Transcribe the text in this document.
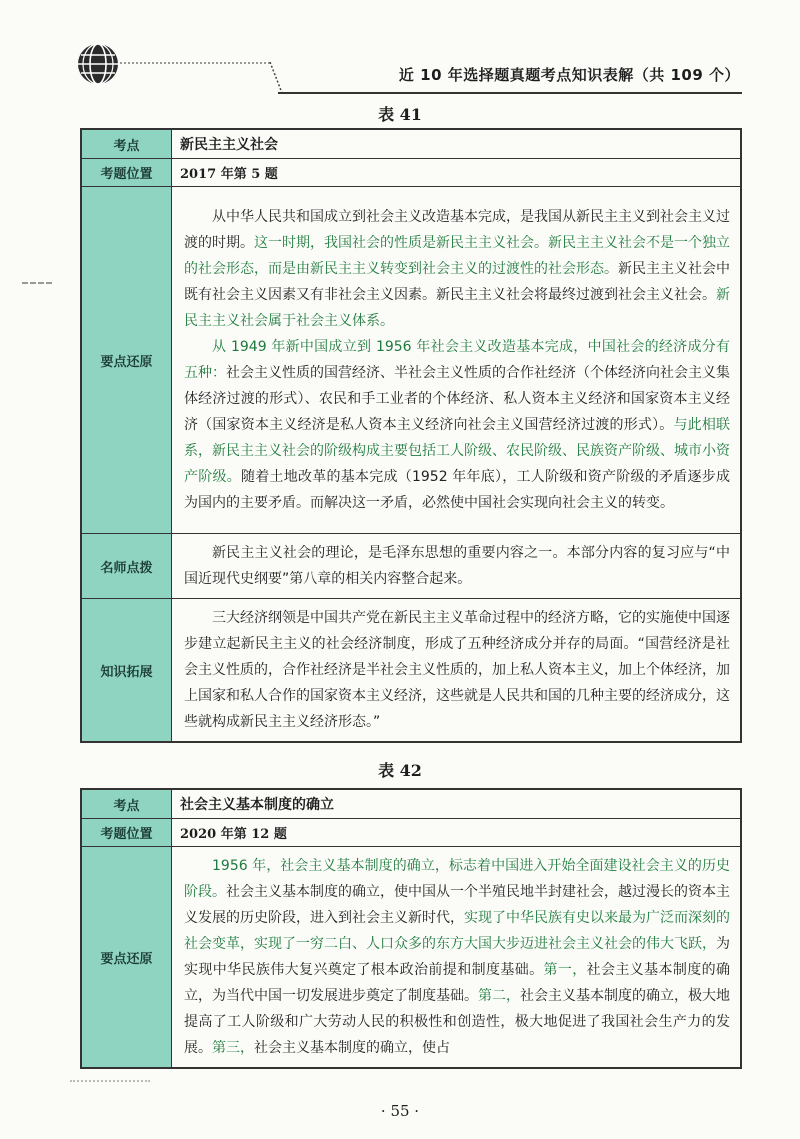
近 10 年选择题真题考点知识表解（共 109 个）
表 41
考点	新民主主义社会
考题位置	2017 年第 5 题
要点还原	从中华人民共和国成立到社会主义改造基本完成，是我国从新民主主义到社会主义过渡的时期。这一时期，我国社会的性质是新民主主义社会。新民主主义社会不是一个独立的社会形态，而是由新民主主义转变到社会主义的过渡性的社会形态。新民主主义社会中既有社会主义因素又有非社会主义因素。新民主主义社会将最终过渡到社会主义社会。新民主主义社会属于社会主义体系。

从 1949 年新中国成立到 1956 年社会主义改造基本完成，中国社会的经济成分有五种：社会主义性质的国营经济、半社会主义性质的合作社经济（个体经济向社会主义集体经济过渡的形式）、农民和手工业者的个体经济、私人资本主义经济和国家资本主义经济（国家资本主义经济是私人资本主义经济向社会主义国营经济过渡的形式）。与此相联系，新民主主义社会的阶级构成主要包括工人阶级、农民阶级、民族资产阶级、城市小资产阶级。随着土地改革的基本完成（1952 年年底），工人阶级和资产阶级的矛盾逐步成为国内的主要矛盾。而解决这一矛盾，必然使中国社会实现向社会主义的转变。

名师点拨	新民主主义社会的理论，是毛泽东思想的重要内容之一。本部分内容的复习应与“中国近现代史纲要”第八章的相关内容整合起来。

知识拓展	三大经济纲领是中国共产党在新民主主义革命过程中的经济方略，它的实施使中国逐步建立起新民主主义的社会经济制度，形成了五种经济成分并存的局面。“国营经济是社会主义性质的，合作社经济是半社会主义性质的，加上私人资本主义，加上个体经济，加上国家和私人合作的国家资本主义经济，这些就是人民共和国的几种主要的经济成分，这些就构成新民主主义经济形态。”

表 42
考点	社会主义基本制度的确立
考题位置	2020 年第 12 题
要点还原	1956 年，社会主义基本制度的确立，标志着中国进入开始全面建设社会主义的历史阶段。社会主义基本制度的确立，使中国从一个半殖民地半封建社会，越过漫长的资本主义发展的历史阶段，进入到社会主义新时代，实现了中华民族有史以来最为广泛而深刻的社会变革，实现了一穷二白、人口众多的东方大国大步迈进社会主义社会的伟大飞跃，为实现中华民族伟大复兴奠定了根本政治前提和制度基础。第一，社会主义基本制度的确立，为当代中国一切发展进步奠定了制度基础。第二，社会主义基本制度的确立，极大地提高了工人阶级和广大劳动人民的积极性和创造性，极大地促进了我国社会生产力的发展。第三，社会主义基本制度的确立，使占

· 55 ·
